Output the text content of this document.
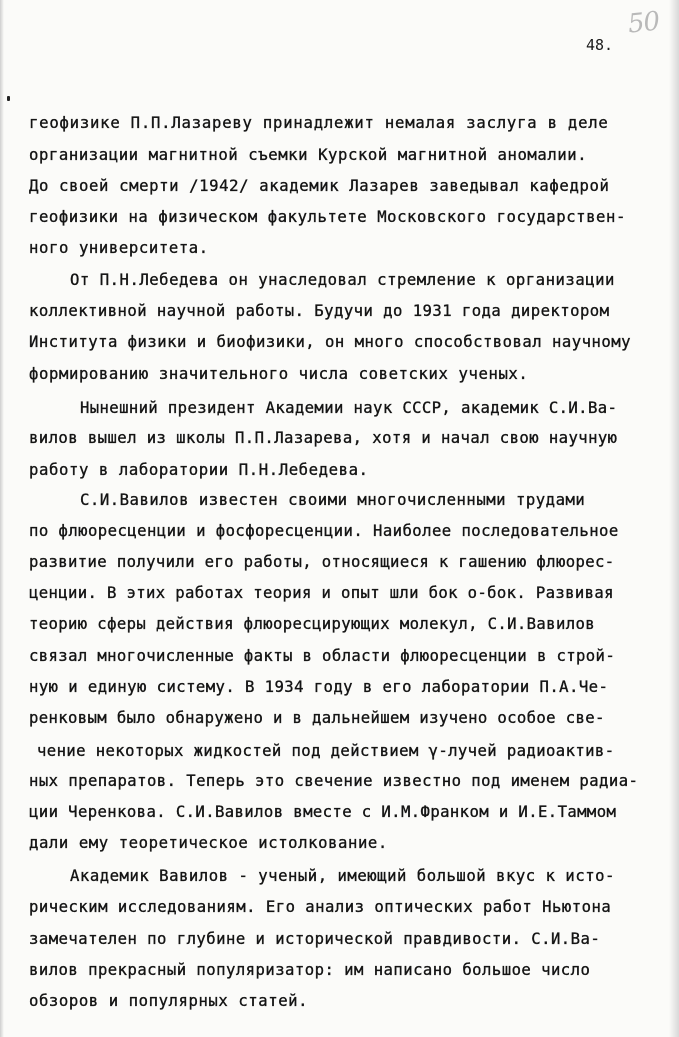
50
48.
геофизике П.П.Лазареву принадлежит немалая заслуга в деле
организации магнитной съемки Курской магнитной аномалии.
До своей смерти /1942/ академик Лазарев заведывал кафедрой
геофизики на физическом факультете Московского государствен-
ного университета.
От П.Н.Лебедева он унаследовал стремление к организации
коллективной научной работы. Будучи до 1931 года директором
Института физики и биофизики, он много способствовал научному
формированию значительного числа советских ученых.
Нынешний президент Академии наук СССР, академик С.И.Ва-
вилов вышел из школы П.П.Лазарева, хотя и начал свою научную
работу в лаборатории П.Н.Лебедева.
С.И.Вавилов известен своими многочисленными трудами
по флюоресценции и фосфоресценции. Наиболее последовательное
развитие получили его работы, относящиеся к гашению флюорес-
ценции. В этих работах теория и опыт шли бок о-бок. Развивая
теорию сферы действия флюоресцирующих молекул, С.И.Вавилов
связал многочисленные факты в области флюоресценции в строй-
ную и единую систему. В 1934 году в его лаборатории П.А.Че-
ренковым было обнаружено и в дальнейшем изучено особое све-
чение некоторых жидкостей под действием γ-лучей радиоактив-
ных препаратов. Теперь это свечение известно под именем радиа-
ции Черенкова. С.И.Вавилов вместе с И.М.Франком и И.Е.Таммом
дали ему теоретическое истолкование.
Академик Вавилов - ученый, имеющий большой вкус к исто-
рическим исследованиям. Его анализ оптических работ Ньютона
замечателен по глубине и исторической правдивости. С.И.Ва-
вилов прекрасный популяризатор: им написано большое число
обзоров и популярных статей.
